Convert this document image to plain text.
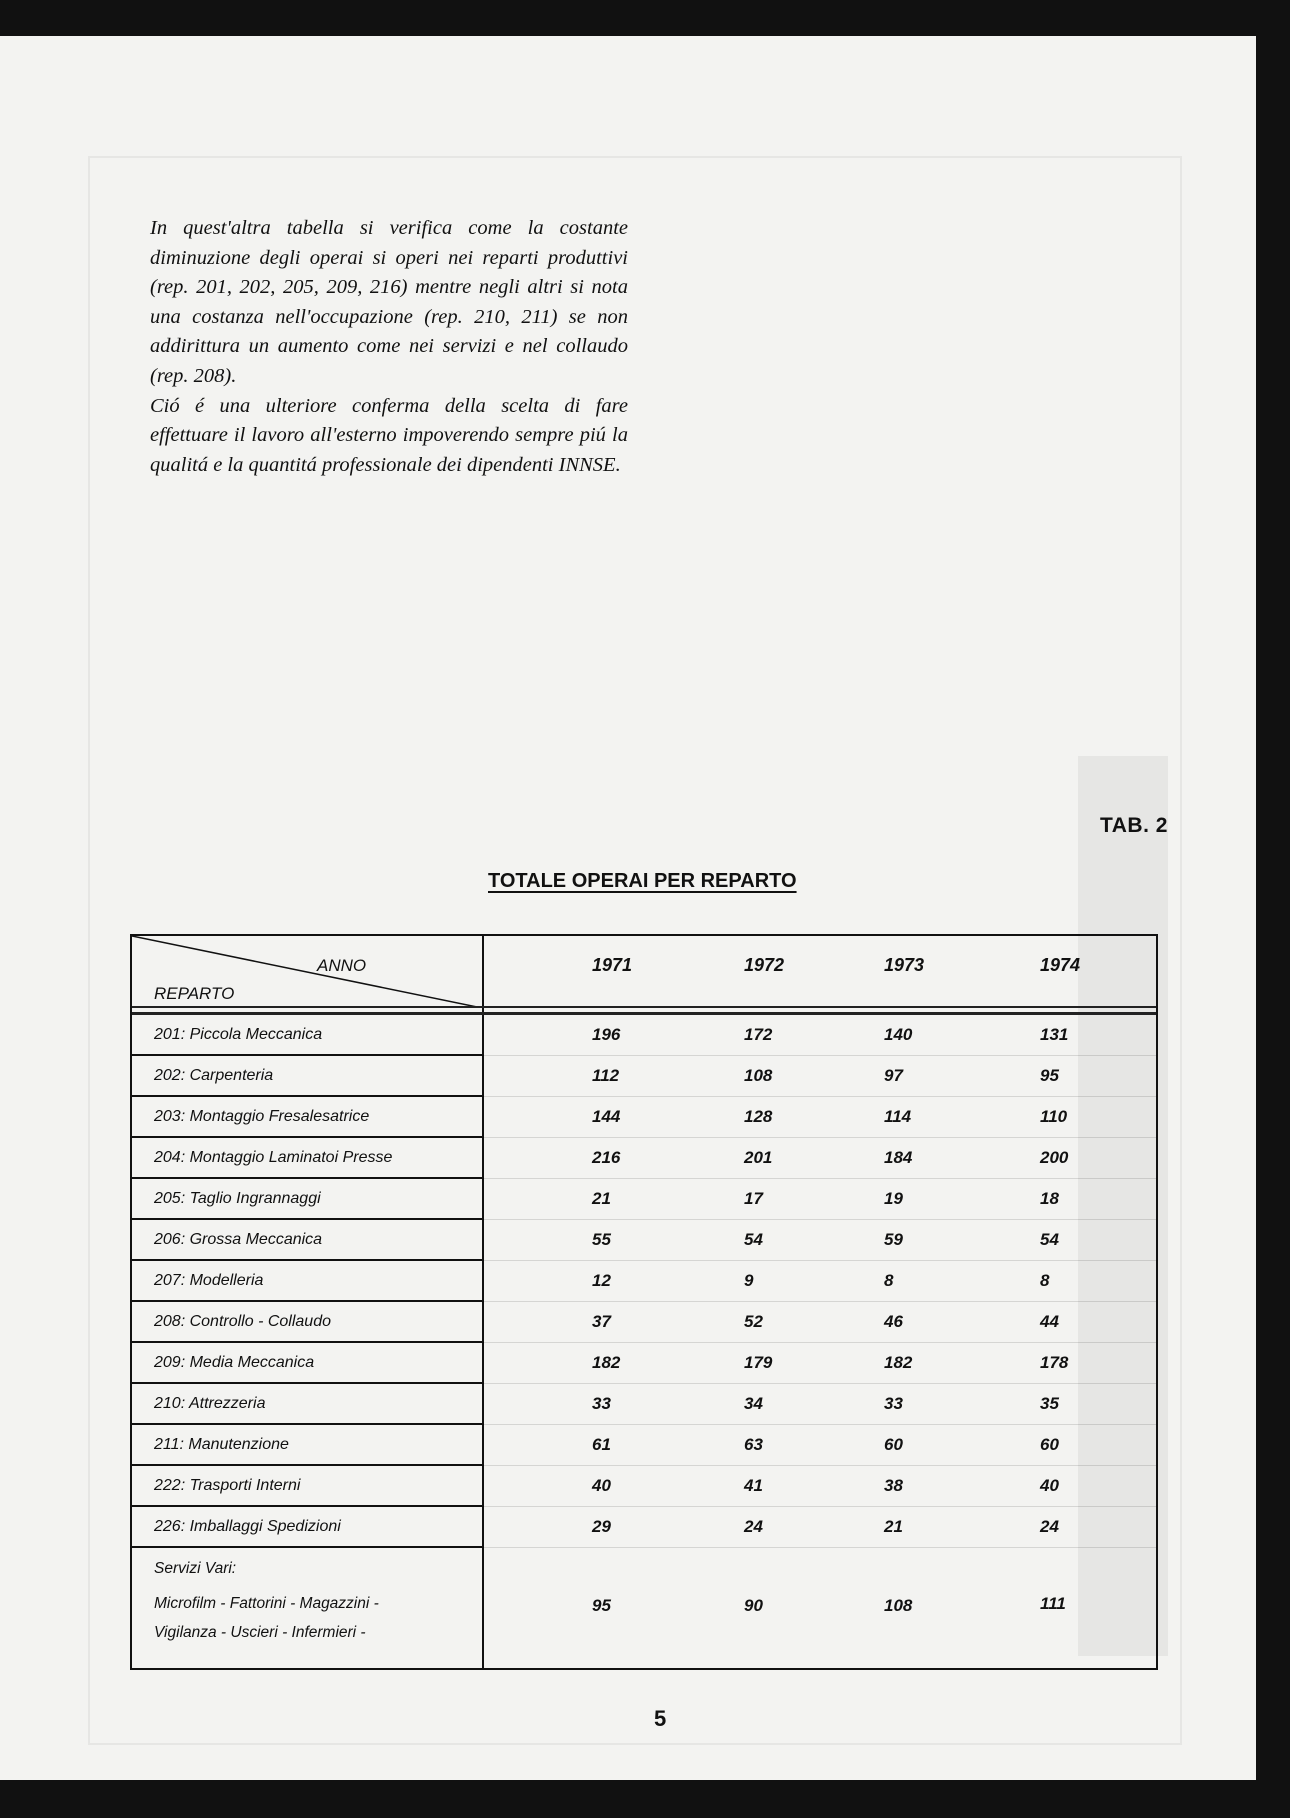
In quest'altra tabella si verifica come la costante diminuzione degli operai si operi nei reparti produttivi (rep. 201, 202, 205, 209, 216) mentre negli altri si nota una costanza nell'occupazione (rep. 210, 211) se non addirittura un aumento come nei servizi e nel collaudo (rep. 208).

Ció é una ulteriore conferma della scelta di fare effettuare il lavoro all'esterno impoverendo sempre piú la qualitá e la quantitá professionale dei dipendenti INNSE.

TAB. 2
TOTALE OPERAI PER REPARTO
ANNO
REPARTO
1971	1972	1973	1974
201: Piccola Meccanica	196	172	140	131
202: Carpenteria	112	108	97	95
203: Montaggio Fresalesatrice	144	128	114	110
204: Montaggio Laminatoi Presse	216	201	184	200
205: Taglio Ingrannaggi	21	17	19	18
206: Grossa Meccanica	55	54	59	54
207: Modelleria	12	9	8	8
208: Controllo - Collaudo	37	52	46	44
209: Media Meccanica	182	179	182	178
210: Attrezzeria	33	34	33	35
211: Manutenzione	61	63	60	60
222: Trasporti Interni	40	41	38	40
226: Imballaggi Spedizioni	29	24	21	24
Servizi Vari:
Microfilm - Fattorini - Magazzini -
Vigilanza - Uscieri - Infermieri -
95	90	108	111
5
